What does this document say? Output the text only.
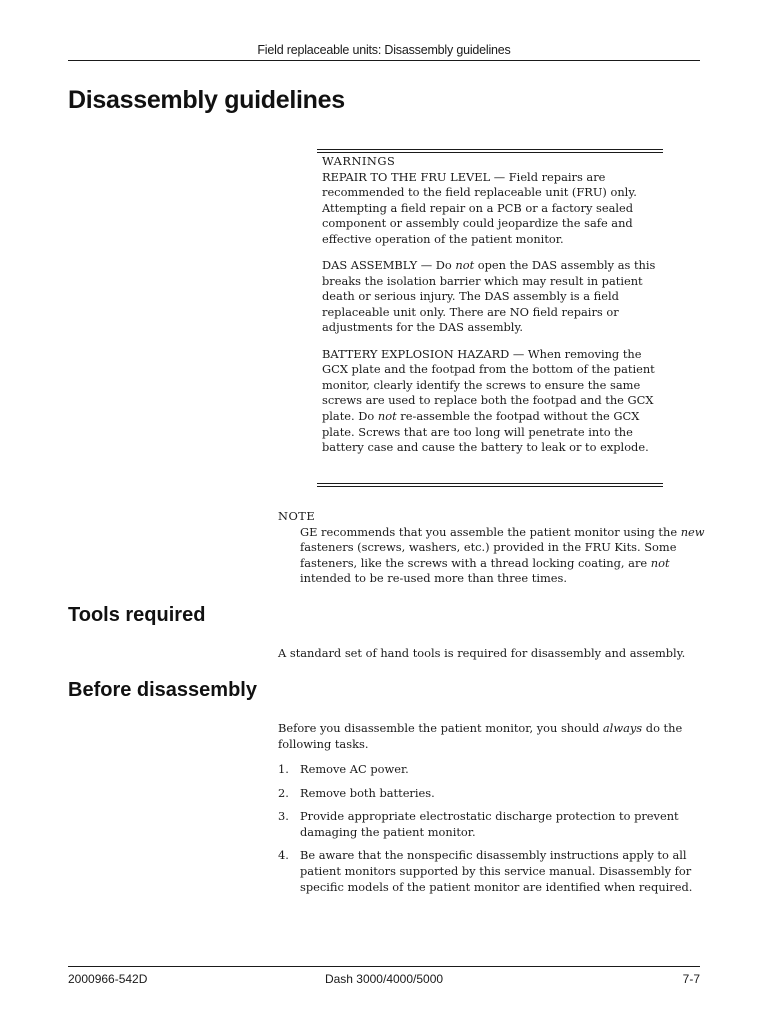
Field replaceable units: Disassembly guidelines
Disassembly guidelines
WARNINGS

REPAIR TO THE FRU LEVEL — Field repairs are recommended to the field replaceable unit (FRU) only. Attempting a field repair on a PCB or a factory sealed component or assembly could jeopardize the safe and effective operation of the patient monitor.

DAS ASSEMBLY — Do not open the DAS assembly as this breaks the isolation barrier which may result in patient death or serious injury. The DAS assembly is a field replaceable unit only. There are NO field repairs or adjustments for the DAS assembly.

BATTERY EXPLOSION HAZARD — When removing the GCX plate and the footpad from the bottom of the patient monitor, clearly identify the screws to ensure the same screws are used to replace both the footpad and the GCX plate. Do not re-assemble the footpad without the GCX plate. Screws that are too long will penetrate into the battery case and cause the battery to leak or to explode.

NOTE

GE recommends that you assemble the patient monitor using the new fasteners (screws, washers, etc.) provided in the FRU Kits. Some fasteners, like the screws with a thread locking coating, are not intended to be re-used more than three times.

Tools required

A standard set of hand tools is required for disassembly and assembly.

Before disassembly

Before you disassemble the patient monitor, you should always do the following tasks.

1. Remove AC power.
2. Remove both batteries.
3. Provide appropriate electrostatic discharge protection to prevent damaging the patient monitor.
4. Be aware that the nonspecific disassembly instructions apply to all patient monitors supported by this service manual. Disassembly for specific models of the patient monitor are identified when required.
2000966-542D	Dash 3000/4000/5000	7-7
